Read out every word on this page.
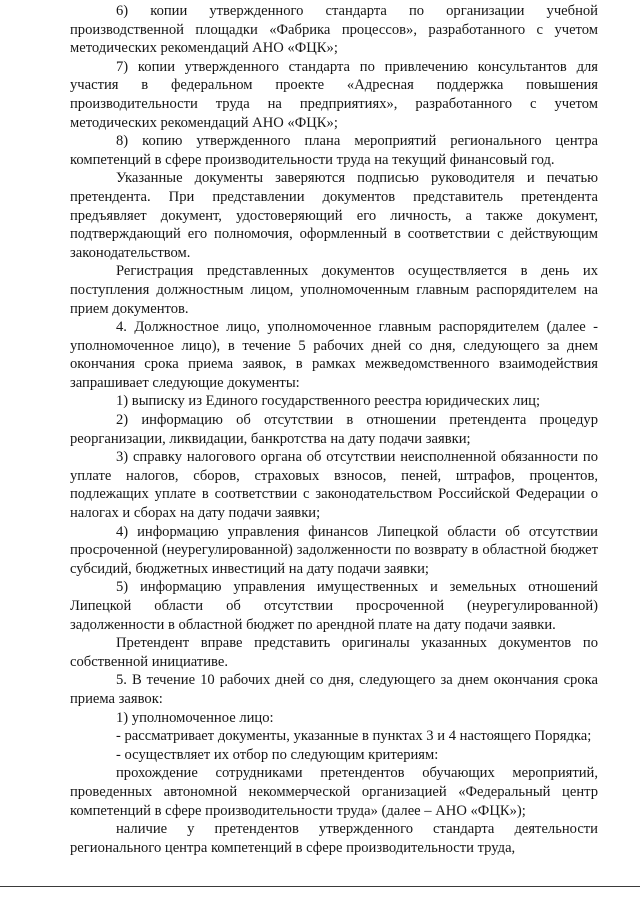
6) копии утвержденного стандарта по организации учебной производственной площадки «Фабрика процессов», разработанного с учетом методических рекомендаций АНО «ФЦК»;

7) копии утвержденного стандарта по привлечению консультантов для участия в федеральном проекте «Адресная поддержка повышения производительности труда на предприятиях», разработанного с учетом методических рекомендаций АНО «ФЦК»;

8) копию утвержденного плана мероприятий регионального центра компетенций в сфере производительности труда на текущий финансовый год.

Указанные документы заверяются подписью руководителя и печатью претендента. При представлении документов представитель претендента предъявляет документ, удостоверяющий его личность, а также документ, подтверждающий его полномочия, оформленный в соответствии с действующим законодательством.

Регистрация представленных документов осуществляется в день их поступления должностным лицом, уполномоченным главным распорядителем на прием документов.

4. Должностное лицо, уполномоченное главным распорядителем (далее - уполномоченное лицо), в течение 5 рабочих дней со дня, следующего за днем окончания срока приема заявок, в рамках межведомственного взаимодействия запрашивает следующие документы:

1) выписку из Единого государственного реестра юридических лиц;

2) информацию об отсутствии в отношении претендента процедур реорганизации, ликвидации, банкротства на дату подачи заявки;

3) справку налогового органа об отсутствии неисполненной обязанности по уплате налогов, сборов, страховых взносов, пеней, штрафов, процентов, подлежащих уплате в соответствии с законодательством Российской Федерации о налогах и сборах на дату подачи заявки;

4) информацию управления финансов Липецкой области об отсутствии просроченной (неурегулированной) задолженности по возврату в областной бюджет субсидий, бюджетных инвестиций на дату подачи заявки;

5) информацию управления имущественных и земельных отношений Липецкой области об отсутствии просроченной (неурегулированной) задолженности в областной бюджет по арендной плате на дату подачи заявки.

Претендент вправе представить оригиналы указанных документов по собственной инициативе.

5. В течение 10 рабочих дней со дня, следующего за днем окончания срока приема заявок:

1) уполномоченное лицо:

- рассматривает документы, указанные в пунктах 3 и 4 настоящего Порядка;

- осуществляет их отбор по следующим критериям:

прохождение сотрудниками претендентов обучающих мероприятий, проведенных автономной некоммерческой организацией «Федеральный центр компетенций в сфере производительности труда» (далее – АНО «ФЦК»);

наличие у претендентов утвержденного стандарта деятельности регионального центра компетенций в сфере производительности труда,
